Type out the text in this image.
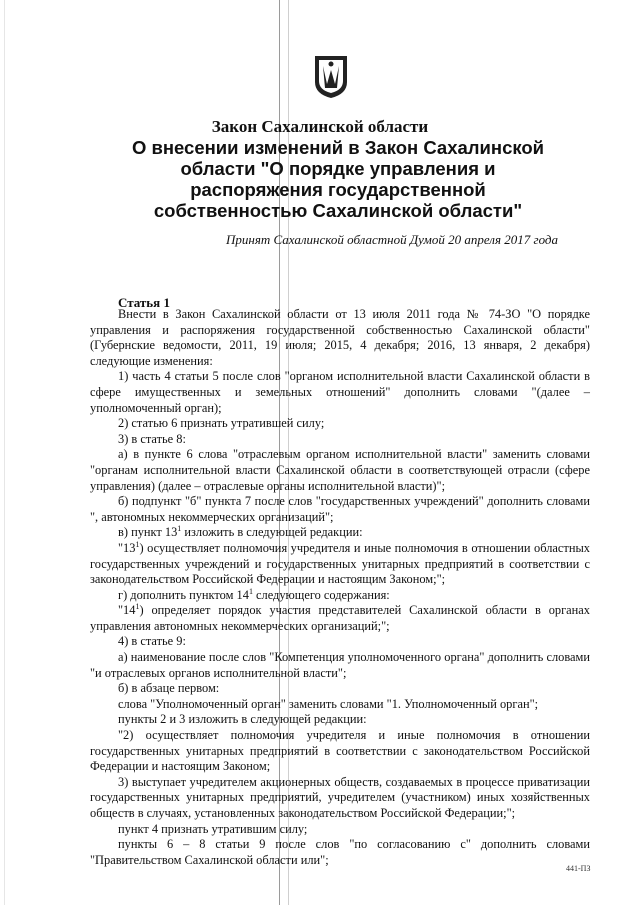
Закон Сахалинской области
О внесении изменений в Закон Сахалинской области "О порядке управления и распоряжения государственной собственностью Сахалинской области"
Принят Сахалинской областной Думой 20 апреля 2017 года
Статья 1

Внести в Закон Сахалинской области от 13 июля 2011 года № 74-ЗО "О порядке управления и распоряжения государственной собственностью Сахалинской области" (Губернские ведомости, 2011, 19 июля; 2015, 4 декабря; 2016, 13 января, 2 декабря) следующие изменения:

1) часть 4 статьи 5 после слов "органом исполнительной власти Сахалинской области в сфере имущественных и земельных отношений" дополнить словами "(далее – уполномоченный орган);

2) статью 6 признать утратившей силу;

3) в статье 8:

а) в пункте 6 слова "отраслевым органом исполнительной власти" заменить словами "органам исполнительной власти Сахалинской области в соответствующей отрасли (сфере управления) (далее – отраслевые органы исполнительной власти)";

б) подпункт "б" пункта 7 после слов "государственных учреждений" дополнить словами ", автономных некоммерческих организаций";

в) пункт $13^1$ изложить в следующей редакции:

"$13^1$) осуществляет полномочия учредителя и иные полномочия в отношении областных государственных учреждений и государственных унитарных предприятий в соответствии с законодательством Российской Федерации и настоящим Законом;";

г) дополнить пунктом $14^1$ следующего содержания:

"$14^1$) определяет порядок участия представителей Сахалинской области в органах управления автономных некоммерческих организаций;";

4) в статье 9:

а) наименование после слов "Компетенция уполномоченного органа" дополнить словами "и отраслевых органов исполнительной власти";

б) в абзаце первом:

слова "Уполномоченный орган" заменить словами "1. Уполномоченный орган";

пункты 2 и 3 изложить в следующей редакции:

"2) осуществляет полномочия учредителя и иные полномочия в отношении государственных унитарных предприятий в соответствии с законодательством Российской Федерации и настоящим Законом;

3) выступает учредителем акционерных обществ, создаваемых в процессе приватизации государственных унитарных предприятий, учредителем (участником) иных хозяйственных обществ в случаях, установленных законодательством Российской Федерации;";

пункт 4 признать утратившим силу;

пункты 6 – 8 статьи 9 после слов "по согласованию с" дополнить словами "Правительством Сахалинской области или";

441-ПЗ
